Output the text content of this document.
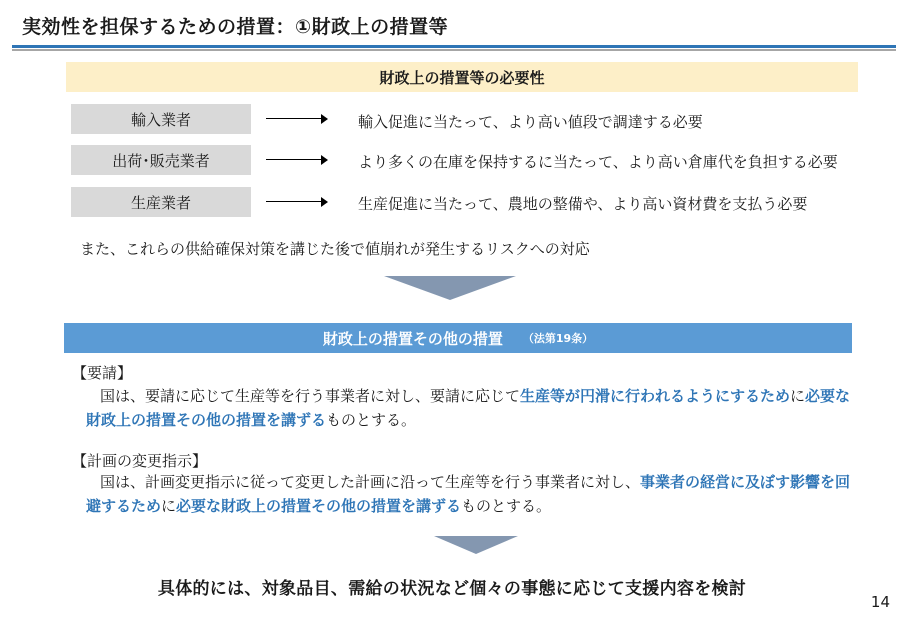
実効性を担保するための措置：①財政上の措置等
財政上の措置等の必要性
輸入業者	輸入促進に当たって、より高い値段で調達する必要
出荷･販売業者	より多くの在庫を保持するに当たって、より高い倉庫代を負担する必要
生産業者	生産促進に当たって、農地の整備や、より高い資材費を支払う必要
また、これらの供給確保対策を講じた後で値崩れが発生するリスクへの対応
財政上の措置その他の措置 （法第19条）
【要請】
国は、要請に応じて生産等を行う事業者に対し、要請に応じて生産等が円滑に行われるようにするために必要な財政上の措置その他の措置を講ずるものとする。
【計画の変更指示】
国は、計画変更指示に従って変更した計画に沿って生産等を行う事業者に対し、事業者の経営に及ぼす影響を回避するために必要な財政上の措置その他の措置を講ずるものとする。
具体的には、対象品目、需給の状況など個々の事態に応じて支援内容を検討
14
